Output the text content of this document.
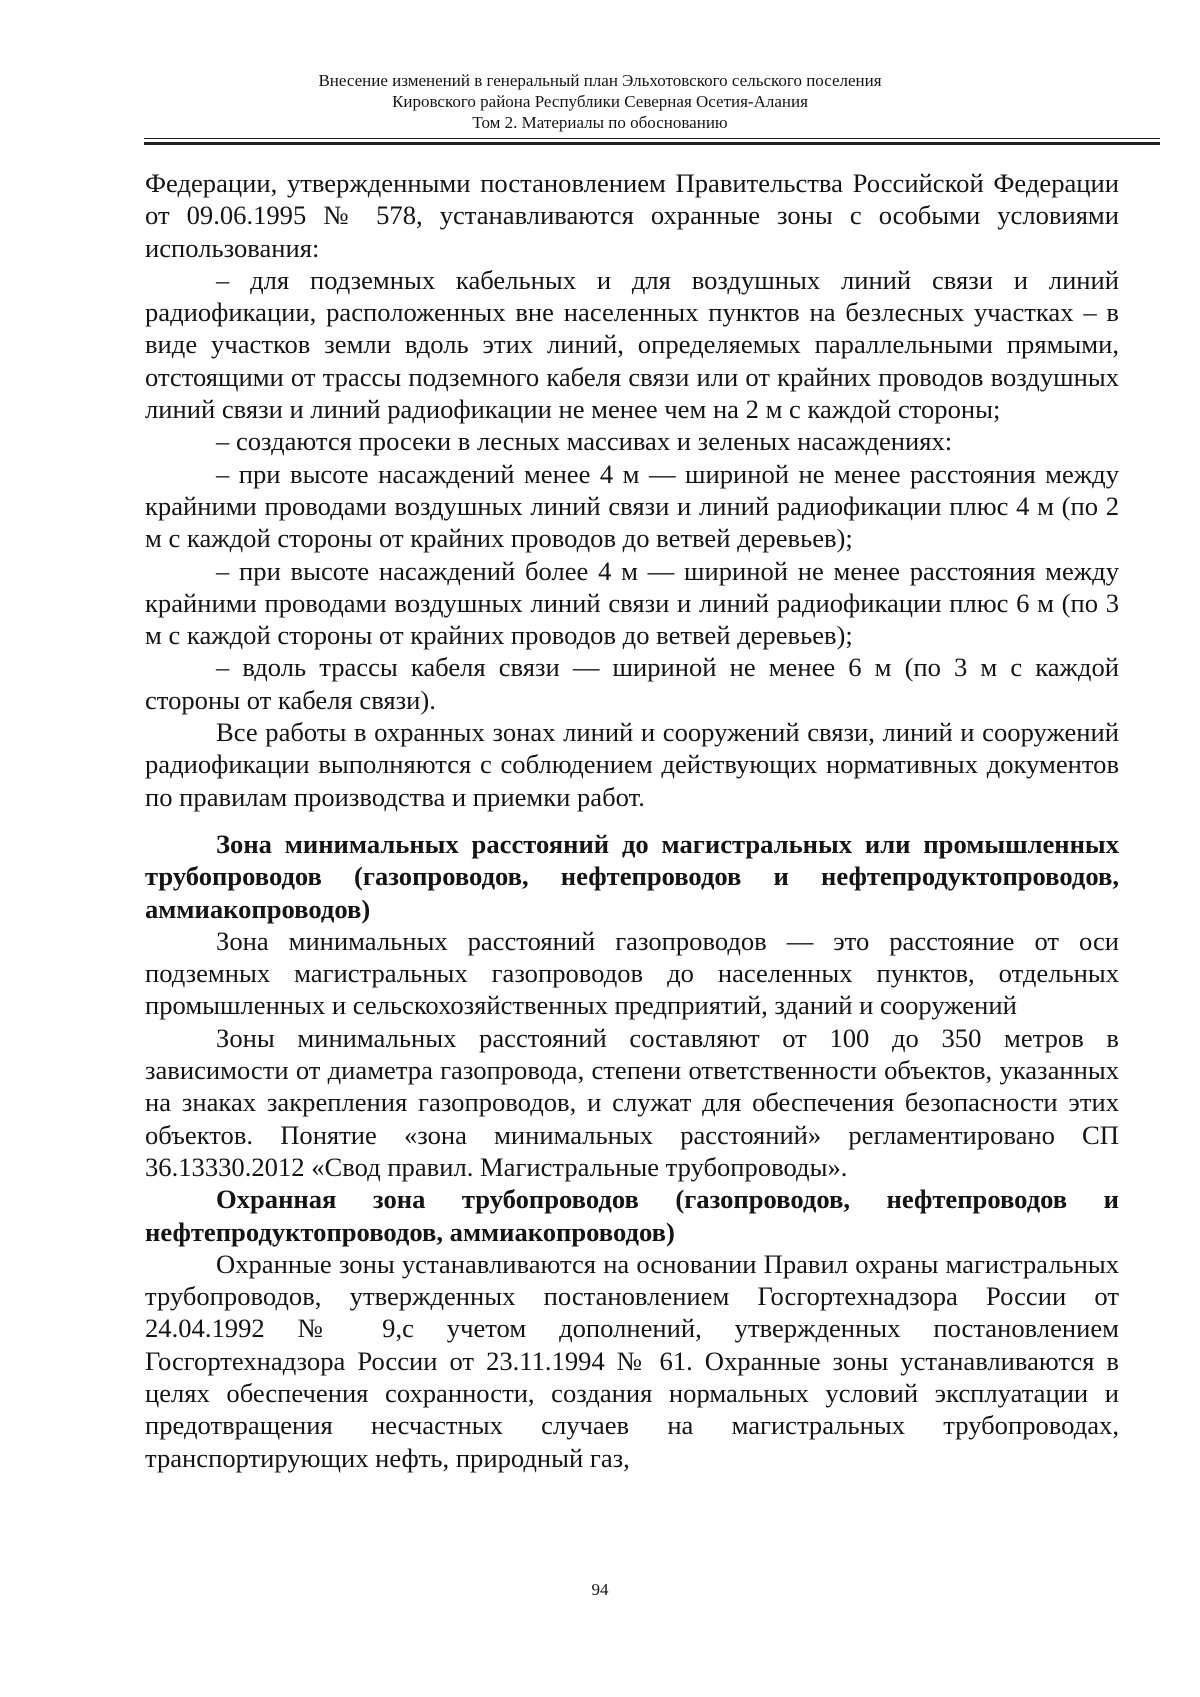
Внесение изменений в генеральный план Эльхотовского сельского поселения
Кировского района Республики Северная Осетия-Алания
Том 2. Материалы по обоснованию

Федерации, утвержденными постановлением Правительства Российской Федерации от 09.06.1995 № 578, устанавливаются охранные зоны с особыми условиями использования:

– для подземных кабельных и для воздушных линий связи и линий радиофикации, расположенных вне населенных пунктов на безлесных участках – в виде участков земли вдоль этих линий, определяемых параллельными прямыми, отстоящими от трассы подземного кабеля связи или от крайних проводов воздушных линий связи и линий радиофикации не менее чем на 2 м с каждой стороны;

– создаются просеки в лесных массивах и зеленых насаждениях:

– при высоте насаждений менее 4 м — шириной не менее расстояния между крайними проводами воздушных линий связи и линий радиофикации плюс 4 м (по 2 м с каждой стороны от крайних проводов до ветвей деревьев);

– при высоте насаждений более 4 м — шириной не менее расстояния между крайними проводами воздушных линий связи и линий радиофикации плюс 6 м (по 3 м с каждой стороны от крайних проводов до ветвей деревьев);

– вдоль трассы кабеля связи — шириной не менее 6 м (по 3 м с каждой стороны от кабеля связи).

Все работы в охранных зонах линий и сооружений связи, линий и сооружений радиофикации выполняются с соблюдением действующих нормативных документов по правилам производства и приемки работ.

Зона минимальных расстояний до магистральных или промышленных трубопроводов (газопроводов, нефтепроводов и нефтепродуктопроводов, аммиакопроводов)

Зона минимальных расстояний газопроводов — это расстояние от оси подземных магистральных газопроводов до населенных пунктов, отдельных промышленных и сельскохозяйственных предприятий, зданий и сооружений

Зоны минимальных расстояний составляют от 100 до 350 метров в зависимости от диаметра газопровода, степени ответственности объектов, указанных на знаках закрепления газопроводов, и служат для обеспечения безопасности этих объектов. Понятие «зона минимальных расстояний» регламентировано СП 36.13330.2012 «Свод правил. Магистральные трубопроводы».

Охранная зона трубопроводов (газопроводов, нефтепроводов и нефтепродуктопроводов, аммиакопроводов)

Охранные зоны устанавливаются на основании Правил охраны магистральных трубопроводов, утвержденных постановлением Госгортехнадзора России от 24.04.1992 № 9,с учетом дополнений, утвержденных постановлением Госгортехнадзора России от 23.11.1994 № 61. Охранные зоны устанавливаются в целях обеспечения сохранности, создания нормальных условий эксплуатации и предотвращения несчастных случаев на магистральных трубопроводах, транспортирующих нефть, природный газ,

94
